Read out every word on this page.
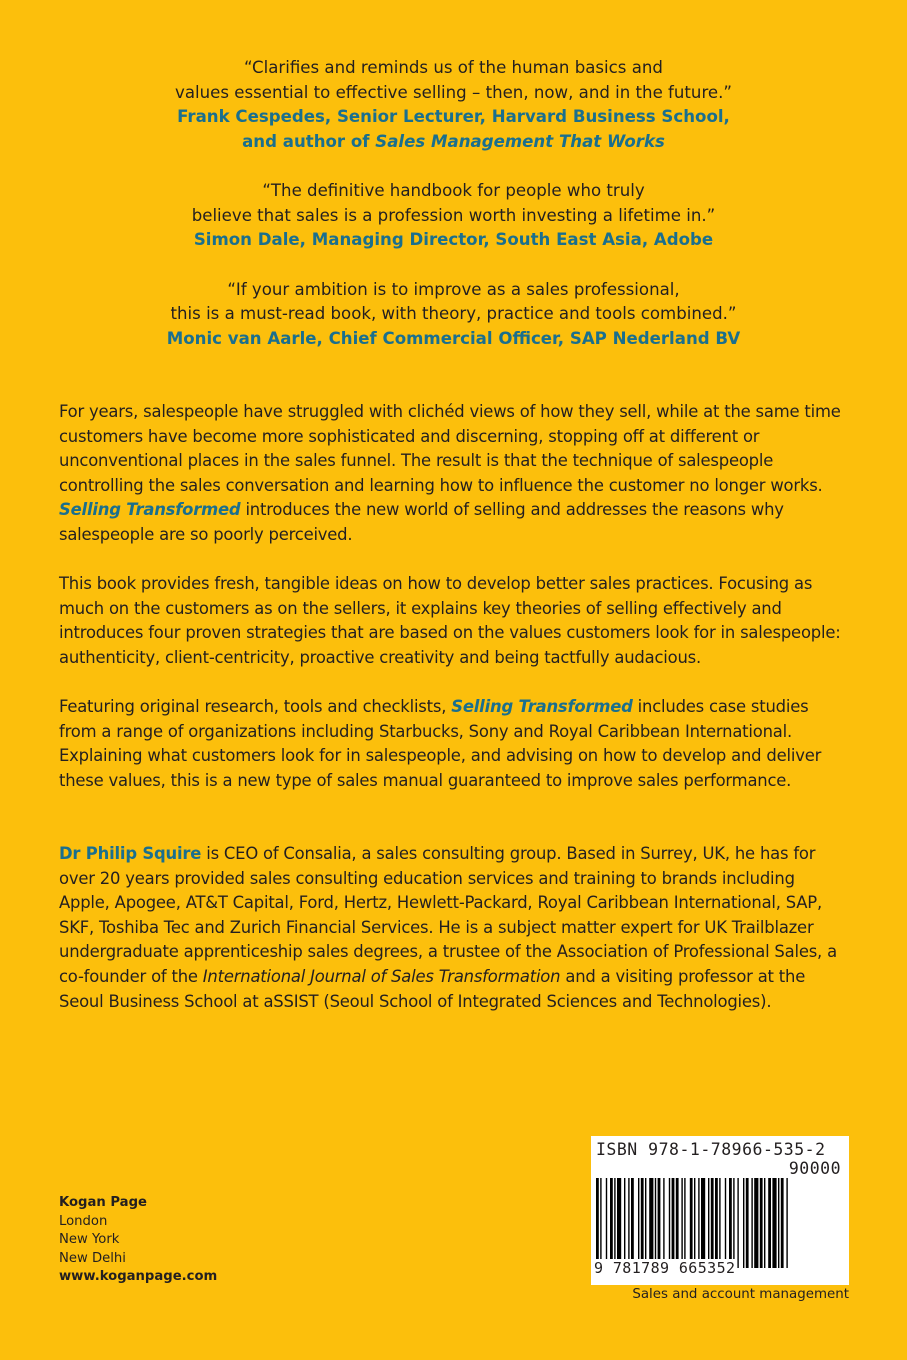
“Clarifies and reminds us of the human basics and

values essential to effective selling – then, now, and in the future.”

Frank Cespedes, Senior Lecturer, Harvard Business School,

and author of Sales Management That Works

“The definitive handbook for people who truly

believe that sales is a profession worth investing a lifetime in.”

Simon Dale, Managing Director, South East Asia, Adobe

“If your ambition is to improve as a sales professional,

this is a must-read book, with theory, practice and tools combined.”

Monic van Aarle, Chief Commercial Officer, SAP Nederland BV

For years, salespeople have struggled with clichéd views of how they sell, while at the same time customers have become more sophisticated and discerning, stopping off at different or unconventional places in the sales funnel. The result is that the technique of salespeople controlling the sales conversation and learning how to influence the customer no longer works. Selling Transformed introduces the new world of selling and addresses the reasons why salespeople are so poorly perceived.

This book provides fresh, tangible ideas on how to develop better sales practices. Focusing as much on the customers as on the sellers, it explains key theories of selling effectively and introduces four proven strategies that are based on the values customers look for in salespeople: authenticity, client-centricity, proactive creativity and being tactfully audacious.

Featuring original research, tools and checklists, Selling Transformed includes case studies from a range of organizations including Starbucks, Sony and Royal Caribbean International. Explaining what customers look for in salespeople, and advising on how to develop and deliver these values, this is a new type of sales manual guaranteed to improve sales performance.

Dr Philip Squire is CEO of Consalia, a sales consulting group. Based in Surrey, UK, he has for over 20 years provided sales consulting education services and training to brands including Apple, Apogee, AT&T Capital, Ford, Hertz, Hewlett-Packard, Royal Caribbean International, SAP, SKF, Toshiba Tec and Zurich Financial Services. He is a subject matter expert for UK Trailblazer undergraduate apprenticeship sales degrees, a trustee of the Association of Professional Sales, a co-founder of the International Journal of Sales Transformation and a visiting professor at the Seoul Business School at aSSIST (Seoul School of Integrated Sciences and Technologies).

Kogan Page
London
New York
New Delhi
www.koganpage.com
ISBN 978-1-78966-535-2
90000
9 781789 665352
Sales and account management
